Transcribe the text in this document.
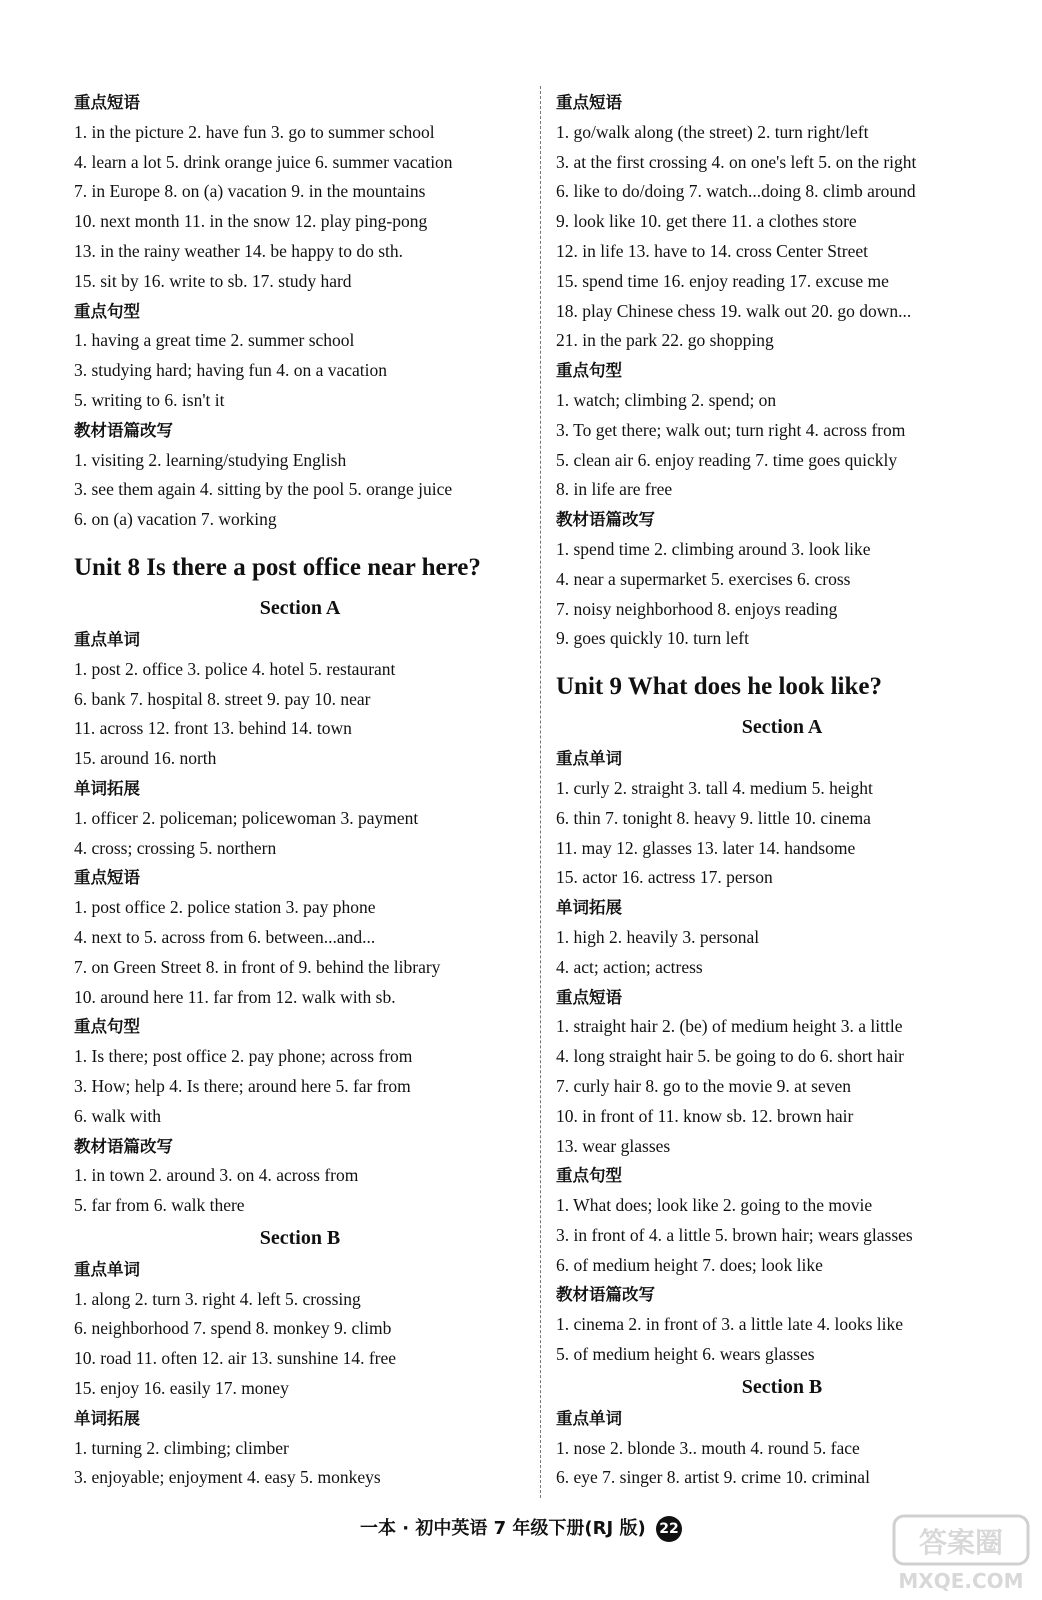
重点短语
1. in the picture 2. have fun 3. go to summer school
4. learn a lot 5. drink orange juice 6. summer vacation
7. in Europe 8. on (a) vacation 9. in the mountains
10. next month 11. in the snow 12. play ping-pong
13. in the rainy weather 14. be happy to do sth.
15. sit by 16. write to sb. 17. study hard
重点句型
1. having a great time 2. summer school
3. studying hard; having fun 4. on a vacation
5. writing to 6. isn't it
教材语篇改写
1. visiting 2. learning/studying English
3. see them again 4. sitting by the pool 5. orange juice
6. on (a) vacation 7. working
Unit 8 Is there a post office near here?
Section A
重点单词
1. post 2. office 3. police 4. hotel 5. restaurant
6. bank 7. hospital 8. street 9. pay 10. near
11. across 12. front 13. behind 14. town
15. around 16. north
单词拓展
1. officer 2. policeman; policewoman 3. payment
4. cross; crossing 5. northern
重点短语
1. post office 2. police station 3. pay phone
4. next to 5. across from 6. between...and...
7. on Green Street 8. in front of 9. behind the library
10. around here 11. far from 12. walk with sb.
重点句型
1. Is there; post office 2. pay phone; across from
3. How; help 4. Is there; around here 5. far from
6. walk with
教材语篇改写
1. in town 2. around 3. on 4. across from
5. far from 6. walk there
Section B
重点单词
1. along 2. turn 3. right 4. left 5. crossing
6. neighborhood 7. spend 8. monkey 9. climb
10. road 11. often 12. air 13. sunshine 14. free
15. enjoy 16. easily 17. money
单词拓展
1. turning 2. climbing; climber
3. enjoyable; enjoyment 4. easy 5. monkeys
重点短语
1. go/walk along (the street) 2. turn right/left
3. at the first crossing 4. on one's left 5. on the right
6. like to do/doing 7. watch...doing 8. climb around
9. look like 10. get there 11. a clothes store
12. in life 13. have to 14. cross Center Street
15. spend time 16. enjoy reading 17. excuse me
18. play Chinese chess 19. walk out 20. go down...
21. in the park 22. go shopping
重点句型
1. watch; climbing 2. spend; on
3. To get there; walk out; turn right 4. across from
5. clean air 6. enjoy reading 7. time goes quickly
8. in life are free
教材语篇改写
1. spend time 2. climbing around 3. look like
4. near a supermarket 5. exercises 6. cross
7. noisy neighborhood 8. enjoys reading
9. goes quickly 10. turn left
Unit 9 What does he look like?
Section A
重点单词
1. curly 2. straight 3. tall 4. medium 5. height
6. thin 7. tonight 8. heavy 9. little 10. cinema
11. may 12. glasses 13. later 14. handsome
15. actor 16. actress 17. person
单词拓展
1. high 2. heavily 3. personal
4. act; action; actress
重点短语
1. straight hair 2. (be) of medium height 3. a little
4. long straight hair 5. be going to do 6. short hair
7. curly hair 8. go to the movie 9. at seven
10. in front of 11. know sb. 12. brown hair
13. wear glasses
重点句型
1. What does; look like 2. going to the movie
3. in front of 4. a little 5. brown hair; wears glasses
6. of medium height 7. does; look like
教材语篇改写
1. cinema 2. in front of 3. a little late 4. looks like
5. of medium height 6. wears glasses
Section B
重点单词
1. nose 2. blonde 3.. mouth 4. round 5. face
6. eye 7. singer 8. artist 9. crime 10. criminal
一本 · 初中英语 7 年级下册(RJ 版) 22	答案圈
MXQE.COM
